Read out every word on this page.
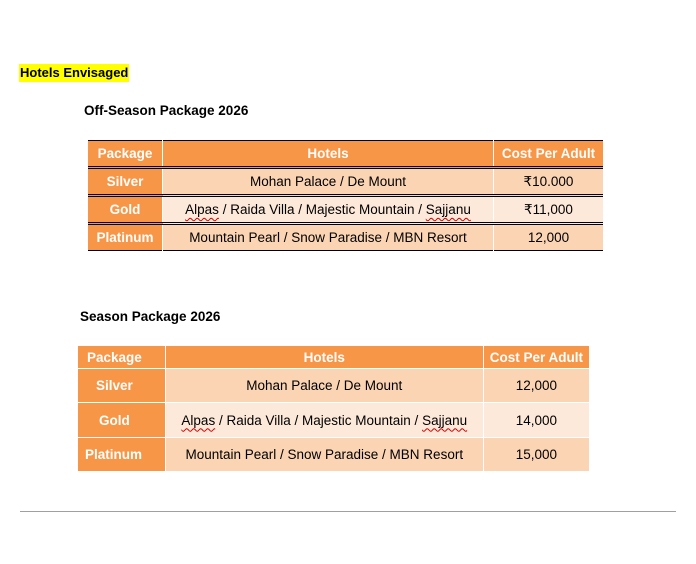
Hotels Envisaged
Off-Season Package 2026
Package	Hotels	Cost Per Adult
Silver	Mohan Palace / De Mount	₹10.000
Gold	Alpas / Raida Villa / Majestic Mountain / Sajjanu	₹11,000
Platinum	Mountain Pearl / Snow Paradise / MBN Resort	12,000
Season Package 2026
Package	Hotels	Cost Per Adult
Silver	Mohan Palace / De Mount	12,000
Gold	Alpas / Raida Villa / Majestic Mountain / Sajjanu	14,000
Platinum	Mountain Pearl / Snow Paradise / MBN Resort	15,000
